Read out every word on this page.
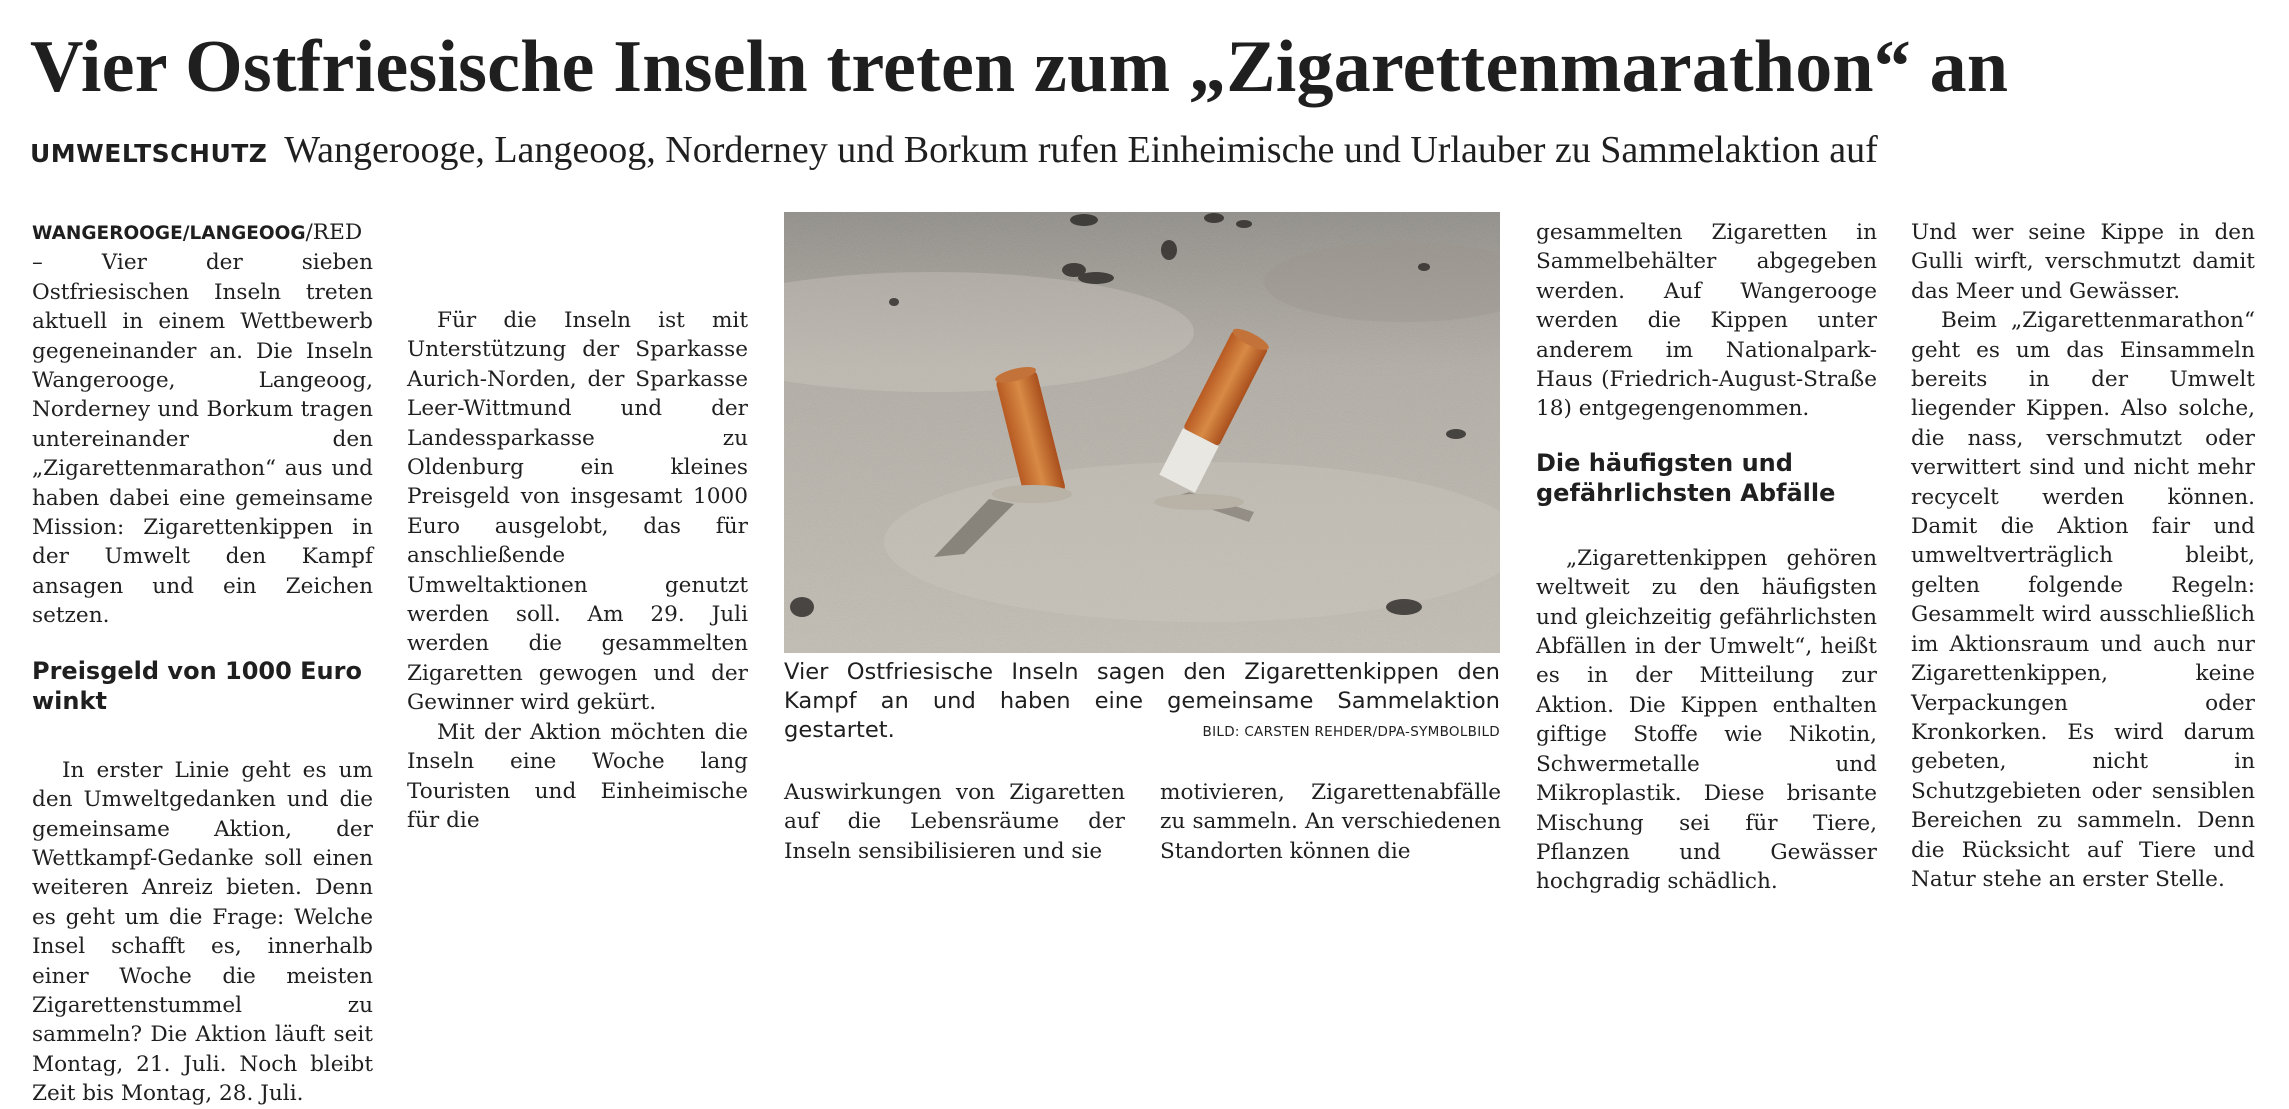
Vier Ostfriesische Inseln treten zum „Zigarettenmarathon“ an
UMWELTSCHUTZ Wangerooge, Langeoog, Norderney und Borkum rufen Einheimische und Urlauber zu Sammelaktion auf

WANGEROOGE/LANGEOOG/RED –	Vier der sieben Ostfriesischen Inseln treten aktuell in einem Wettbewerb gegeneinander an. Die Inseln Wangerooge, Langeoog, Norderney und Borkum tragen untereinander den „Zigarettenmarathon“ aus und haben dabei eine gemeinsame Mission: Zigarettenkippen in der Umwelt den Kampf ansagen und ein Zeichen setzen.

Preisgeld von 1000 Euro winkt

In erster Linie geht es um den Umweltgedanken und die gemeinsame Aktion, der Wettkampf-Gedanke soll einen weiteren Anreiz bieten. Denn es geht um die Frage: Welche Insel schafft es, innerhalb einer Woche die meisten Zigarettenstummel zu sammeln? Die Aktion läuft seit Montag, 21. Juli. Noch bleibt Zeit bis Montag, 28. Juli.

Für die Inseln ist mit Unterstützung der Sparkasse Aurich-Norden, der Sparkasse Leer-Wittmund und der Landessparkasse zu Oldenburg ein kleines Preisgeld von insgesamt 1000 Euro ausgelobt, das für anschließende Umweltaktionen genutzt werden soll. Am 29. Juli werden die gesammelten Zigaretten gewogen und der Gewinner wird gekürt.

Mit der Aktion möchten die Inseln eine Woche lang Touristen und Einheimische für die

Vier Ostfriesische Inseln sagen den Zigarettenkippen den Kampf an und haben eine gemeinsame Sammelaktion gestartet.	BILD: CARSTEN REHDER/DPA-SYMBOLBILD

Auswirkungen von Zigaretten auf die Lebensräume der Inseln sensibilisieren und sie

motivieren, Zigarettenabfälle zu sammeln. An verschiedenen Standorten können die

gesammelten Zigaretten in Sammelbehälter abgegeben werden. Auf Wangerooge werden die Kippen unter anderem im Nationalpark-Haus (Friedrich-August-Straße 18) entgegengenommen.

Die häufigsten und gefährlichsten Abfälle

„Zigarettenkippen gehören weltweit zu den häufigsten und gleichzeitig gefährlichsten Abfällen in der Umwelt“, heißt es in der Mitteilung zur Aktion. Die Kippen enthalten giftige Stoffe wie Nikotin, Schwermetalle und Mikroplastik. Diese brisante Mischung sei für Tiere, Pflanzen und Gewässer hochgradig schädlich.

Und wer seine Kippe in den Gulli wirft, verschmutzt damit das Meer und Gewässer.

Beim „Zigarettenmarathon“ geht es um das Einsammeln bereits in der Umwelt liegender Kippen. Also solche, die nass, verschmutzt oder verwittert sind und nicht mehr recycelt werden können. Damit die Aktion fair und umweltverträglich bleibt, gelten folgende Regeln: Gesammelt wird ausschließlich im Aktionsraum und auch nur Zigarettenkippen, keine Verpackungen oder Kronkorken. Es wird darum gebeten, nicht in Schutzgebieten oder sensiblen Bereichen zu sammeln. Denn die Rücksicht auf Tiere und Natur stehe an erster Stelle.
